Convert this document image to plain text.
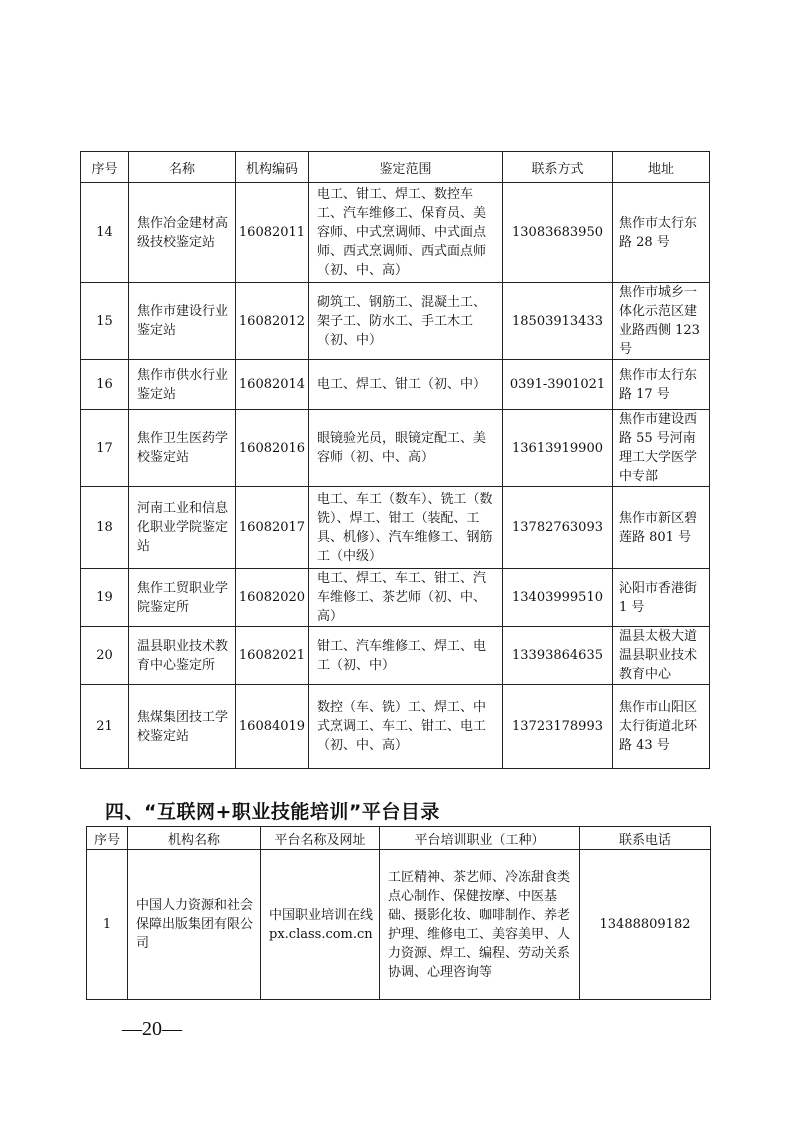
序号	名称	机构编码	鉴定范围	联系方式	地址
14	焦作冶金建材高级技校鉴定站	16082011	电工、钳工、焊工、数控车工、汽车维修工、保育员、美容师、中式烹调师、中式面点师、西式烹调师、西式面点师（初、中、高）	13083683950	焦作市太行东路 28 号
15	焦作市建设行业鉴定站	16082012	砌筑工、钢筋工、混凝土工、架子工、防水工、手工木工（初、中）	18503913433	焦作市城乡一体化示范区建业路西侧 123 号
16	焦作市供水行业鉴定站	16082014	电工、焊工、钳工（初、中）	0391-3901021	焦作市太行东路 17 号
17	焦作卫生医药学校鉴定站	16082016	眼镜验光员，眼镜定配工、美容师（初、中、高）	13613919900	焦作市建设西路 55 号河南理工大学医学中专部
18	河南工业和信息化职业学院鉴定站	16082017	电工、车工（数车）、铣工（数铣）、焊工、钳工（装配、工具、机修）、汽车维修工、钢筋工（中级）	13782763093	焦作市新区碧莲路 801 号
19	焦作工贸职业学院鉴定所	16082020	电工、焊工、车工、钳工、汽车维修工、茶艺师（初、中、高）	13403999510	沁阳市香港街 1 号
20	温县职业技术教育中心鉴定所	16082021	钳工、汽车维修工、焊工、电工（初、中）	13393864635	温县太极大道温县职业技术教育中心
21	焦煤集团技工学校鉴定站	16084019	数控（车、铣）工、焊工、中式烹调工、车工、钳工、电工（初、中、高）	13723178993	焦作市山阳区太行街道北环路 43 号
四、“互联网+职业技能培训”平台目录
序号	机构名称	平台名称及网址	平台培训职业（工种）	联系电话
1	中国人力资源和社会保障出版集团有限公司	中国职业培训在线 px.class.com.cn	工匠精神、茶艺师、冷冻甜食类点心制作、保健按摩、中医基础、摄影化妆、咖啡制作、养老护理、维修电工、美容美甲、人力资源、焊工、编程、劳动关系协调、心理咨询等	13488809182
—20—
